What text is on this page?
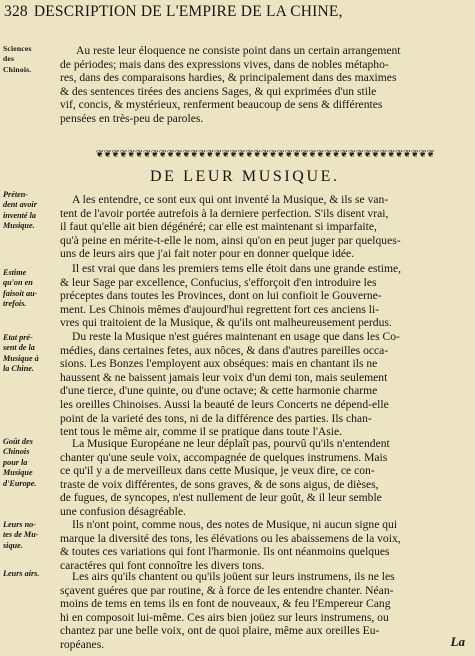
328 DESCRIPTION DE L'EMPIRE DE LA CHINE,
Sciences
des
Chinois.
Préten-
dent avoir
inventé la
Musique.
Estime
qu'on en
faisoit au-
trefois.
Etat pré-
sent de la
Musique à
la Chine.
Goût des
Chinois
pour la
Musique
d'Europe.
Leurs no-
tes de Mu-
sique.
Leurs airs.
Au reste leur éloquence ne consiste point dans un certain arrangement
de périodes; mais dans des expressions vives, dans de nobles métapho-
res, dans des comparaisons hardies, & principalement dans des maximes
& des sentences tirées des anciens Sages, & qui exprimées d'un stile
vif, concis, & mystérieux, renferment beaucoup de sens & différentes
pensées en très-peu de paroles.
❦❦❦❦❦❦❦❦❦❦❦❦❦❦❦❦❦❦❦❦❦❦❦❦❦❦❦❦❦❦❦❦❦❦❦❦❦❦❦❦❦❦❦
DE LEUR MUSIQUE.
A les entendre, ce sont eux qui ont inventé la Musique, & ils se van-
tent de l'avoir portée autrefois à la derniere perfection. S'ils disent vrai,
il faut qu'elle ait bien dégénéré; car elle est maintenant si imparfaite,
qu'à peine en mérite-t-elle le nom, ainsi qu'on en peut juger par quelques-
uns de leurs airs que j'ai fait noter pour en donner quelque idée.
Il est vrai que dans les premiers tems elle étoit dans une grande estime,
& leur Sage par excellence, Confucius, s'efforçoit d'en introduire les
préceptes dans toutes les Provinces, dont on lui confioit le Gouverne-
ment. Les Chinois mêmes d'aujourd'hui regrettent fort ces anciens li-
vres qui traitoient de la Musique, & qu'ils ont malheureusement perdus.
Du reste la Musique n'est guéres maintenant en usage que dans les Co-
médies, dans certaines fetes, aux nôces, & dans d'autres pareilles occa-
sions. Les Bonzes l'employent aux obséques: mais en chantant ils ne
haussent & ne baissent jamais leur voix d'un demi ton, mais seulement
d'une tierce, d'une quinte, ou d'une octave; & cette harmonie charme
les oreilles Chinoises. Aussi la beauté de leurs Concerts ne dépend-elle
point de la varieté des tons, ni de la différence des parties. Ils chan-
tent tous le même air, comme il se pratique dans toute l'Asie.
La Musique Européane ne leur déplaît pas, pourvû qu'ils n'entendent
chanter qu'une seule voix, accompagnée de quelques instrumens. Mais
ce qu'il y a de merveilleux dans cette Musique, je veux dire, ce con-
traste de voix différentes, de sons graves, & de sons aigus, de dièses,
de fugues, de syncopes, n'est nullement de leur goût, & il leur semble
une confusion désagréable.
Ils n'ont point, comme nous, des notes de Musique, ni aucun signe qui
marque la diversité des tons, les élévations ou les abaissemens de la voix,
& toutes ces variations qui font l'harmonie. Ils ont néanmoins quelques
caractéres qui font connoître les divers tons.
Les airs qu'ils chantent ou qu'ils joüent sur leurs instrumens, ils ne les
sçavent guéres que par routine, & à force de les entendre chanter. Néan-
moins de tems en tems ils en font de nouveaux, & feu l'Empereur Cang
hi en composoit lui-même. Ces airs bien joüez sur leurs instrumens, ou
chantez par une belle voix, ont de quoi plaire, même aux oreilles Eu-
ropéanes.	La
